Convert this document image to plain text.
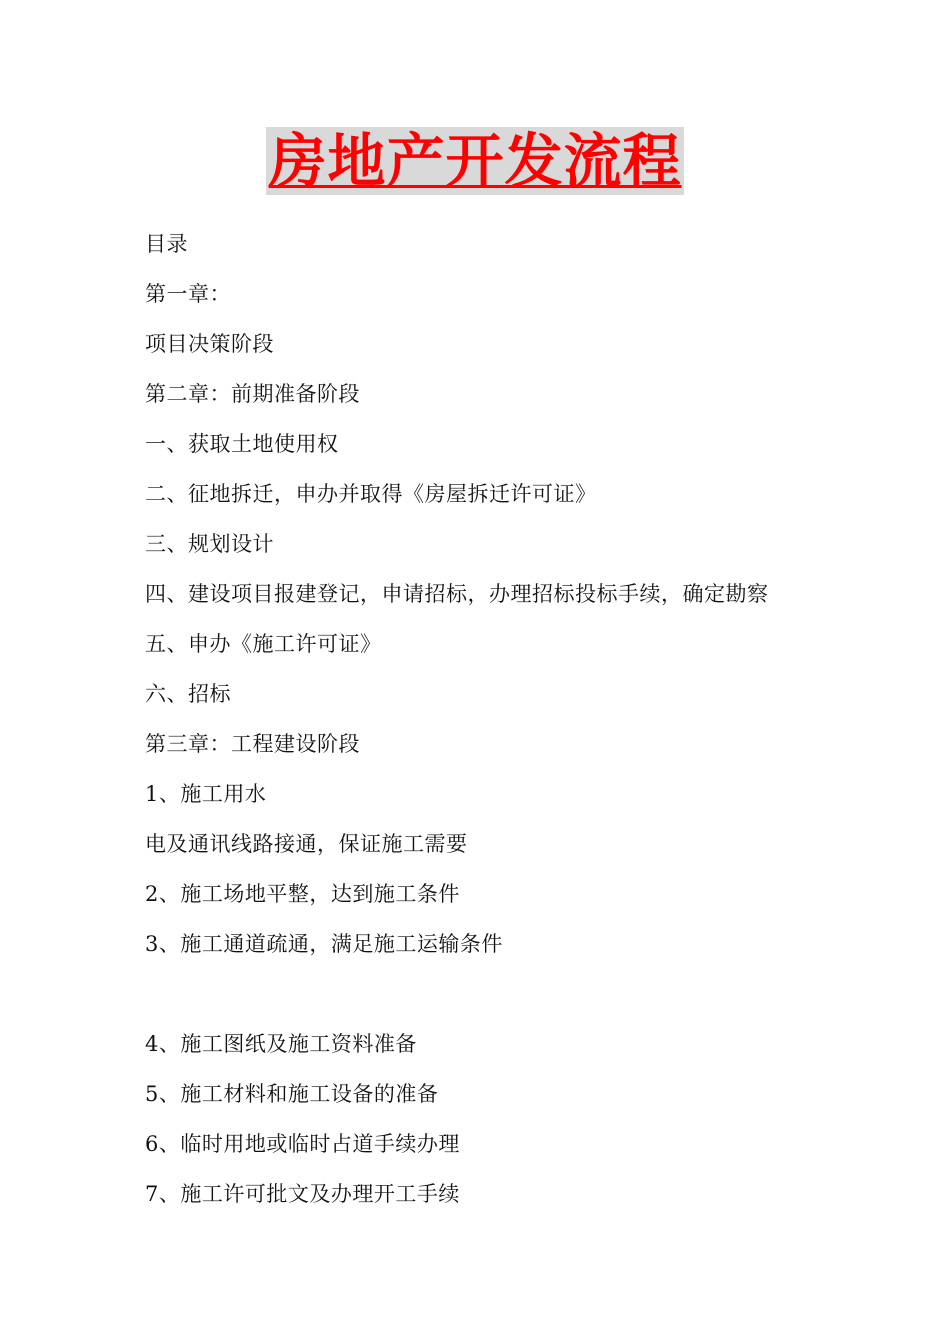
房地产开发流程
目录
第一章：
项目决策阶段
第二章：前期准备阶段
一、获取土地使用权
二、征地拆迁，申办并取得《房屋拆迁许可证》
三、规划设计
四、建设项目报建登记，申请招标，办理招标投标手续，确定勘察
五、申办《施工许可证》
六、招标
第三章：工程建设阶段
1、施工用水
电及通讯线路接通，保证施工需要
2、施工场地平整，达到施工条件
3、施工通道疏通，满足施工运输条件
4、施工图纸及施工资料准备
5、施工材料和施工设备的准备
6、临时用地或临时占道手续办理
7、施工许可批文及办理开工手续
